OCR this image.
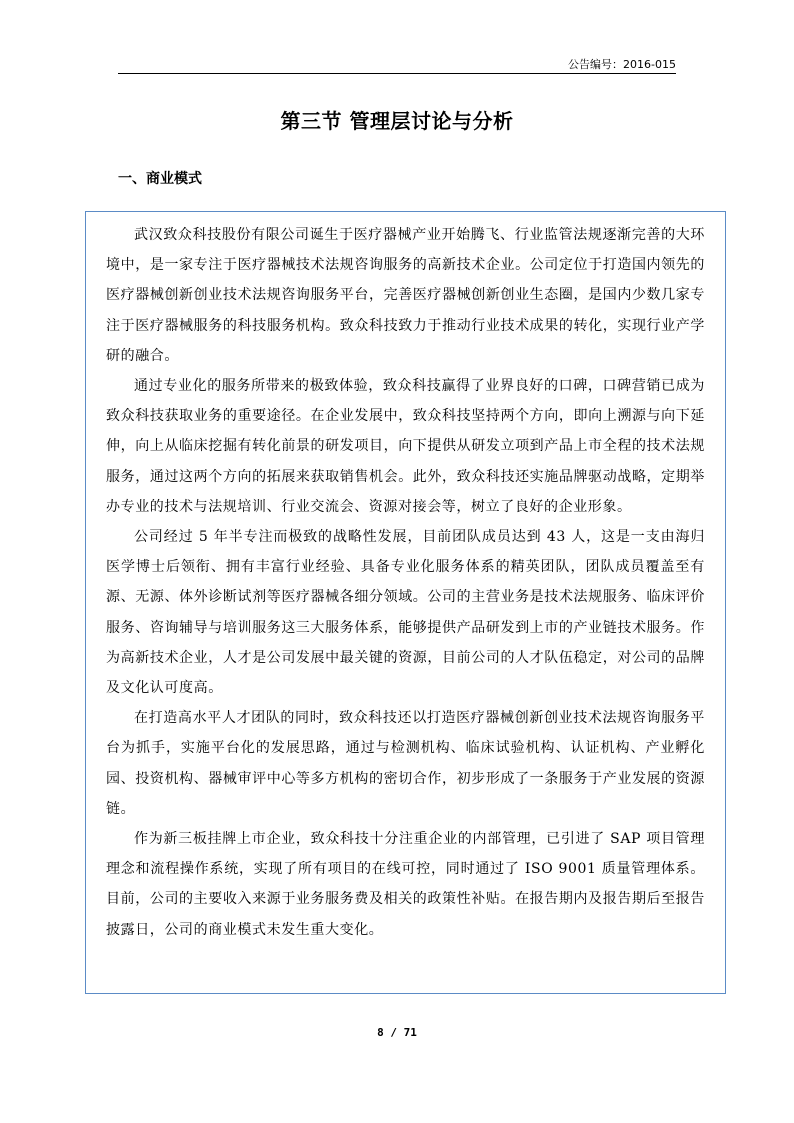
公告编号：2016-015
第三节 管理层讨论与分析
一、商业模式

武汉致众科技股份有限公司诞生于医疗器械产业开始腾飞、行业监管法规逐渐完善的大环境中，是一家专注于医疗器械技术法规咨询服务的高新技术企业。公司定位于打造国内领先的医疗器械创新创业技术法规咨询服务平台，完善医疗器械创新创业生态圈，是国内少数几家专注于医疗器械服务的科技服务机构。致众科技致力于推动行业技术成果的转化，实现行业产学研的融合。

通过专业化的服务所带来的极致体验，致众科技赢得了业界良好的口碑，口碑营销已成为致众科技获取业务的重要途径。在企业发展中，致众科技坚持两个方向，即向上溯源与向下延伸，向上从临床挖掘有转化前景的研发项目，向下提供从研发立项到产品上市全程的技术法规服务，通过这两个方向的拓展来获取销售机会。此外，致众科技还实施品牌驱动战略，定期举办专业的技术与法规培训、行业交流会、资源对接会等，树立了良好的企业形象。

公司经过 5 年半专注而极致的战略性发展，目前团队成员达到 43 人，这是一支由海归医学博士后领衔、拥有丰富行业经验、具备专业化服务体系的精英团队，团队成员覆盖至有源、无源、体外诊断试剂等医疗器械各细分领域。公司的主营业务是技术法规服务、临床评价服务、咨询辅导与培训服务这三大服务体系，能够提供产品研发到上市的产业链技术服务。作为高新技术企业，人才是公司发展中最关键的资源，目前公司的人才队伍稳定，对公司的品牌及文化认可度高。

在打造高水平人才团队的同时，致众科技还以打造医疗器械创新创业技术法规咨询服务平台为抓手，实施平台化的发展思路，通过与检测机构、临床试验机构、认证机构、产业孵化园、投资机构、器械审评中心等多方机构的密切合作，初步形成了一条服务于产业发展的资源链。

作为新三板挂牌上市企业，致众科技十分注重企业的内部管理，已引进了 SAP 项目管理理念和流程操作系统，实现了所有项目的在线可控，同时通过了 ISO 9001 质量管理体系。目前，公司的主要收入来源于业务服务费及相关的政策性补贴。在报告期内及报告期后至报告披露日，公司的商业模式未发生重大变化。

8 / 71
